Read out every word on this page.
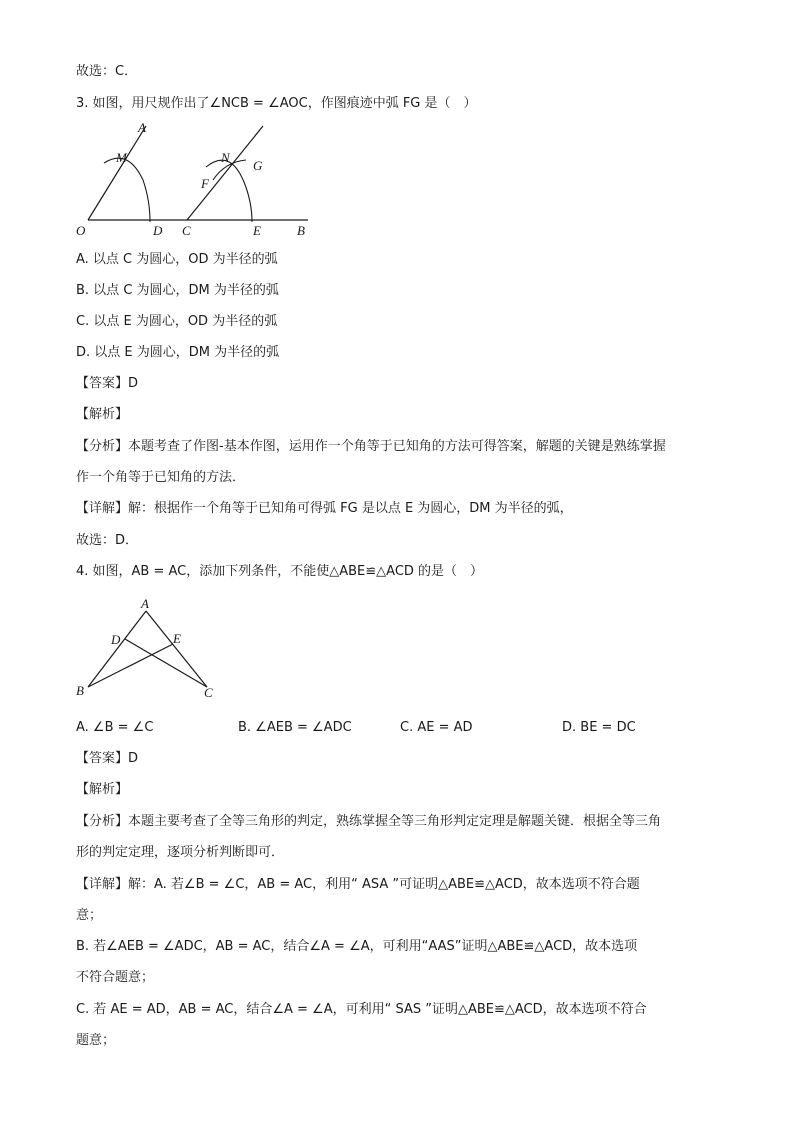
故选：C．
3. 如图，用尺规作出了∠NCB = ∠AOC，作图痕迹中弧 FG 是（　）
A
M	N
G
F
O	D C	E	B
A. 以点 C 为圆心，OD 为半径的弧
B. 以点 C 为圆心，DM 为半径的弧
C. 以点 E 为圆心，OD 为半径的弧
D. 以点 E 为圆心，DM 为半径的弧
【答案】D
【解析】
【分析】本题考查了作图‐基本作图，运用作一个角等于已知角的方法可得答案，解题的关键是熟练掌握
作一个角等于已知角的方法．
【详解】解：根据作一个角等于已知角可得弧 FG 是以点 E 为圆心，DM 为半径的弧，
故选：D．
4. 如图，AB = AC，添加下列条件，不能使△ABE≌△ACD 的是（　）
A
D	E
B	C
A. ∠B = ∠C	B. ∠AEB = ∠ADC	C. AE = AD	D. BE = DC
【答案】D
【解析】
【分析】本题主要考查了全等三角形的判定，熟练掌握全等三角形判定定理是解题关键．根据全等三角
形的判定定理，逐项分析判断即可．
【详解】解：A. 若∠B = ∠C，AB = AC，利用“ ASA ”可证明△ABE≌△ACD，故本选项不符合题
意；
B. 若∠AEB = ∠ADC，AB = AC，结合∠A = ∠A，可利用“AAS”证明△ABE≌△ACD，故本选项
不符合题意；
C. 若 AE = AD，AB = AC，结合∠A = ∠A，可利用“ SAS ”证明△ABE≌△ACD，故本选项不符合
题意；
